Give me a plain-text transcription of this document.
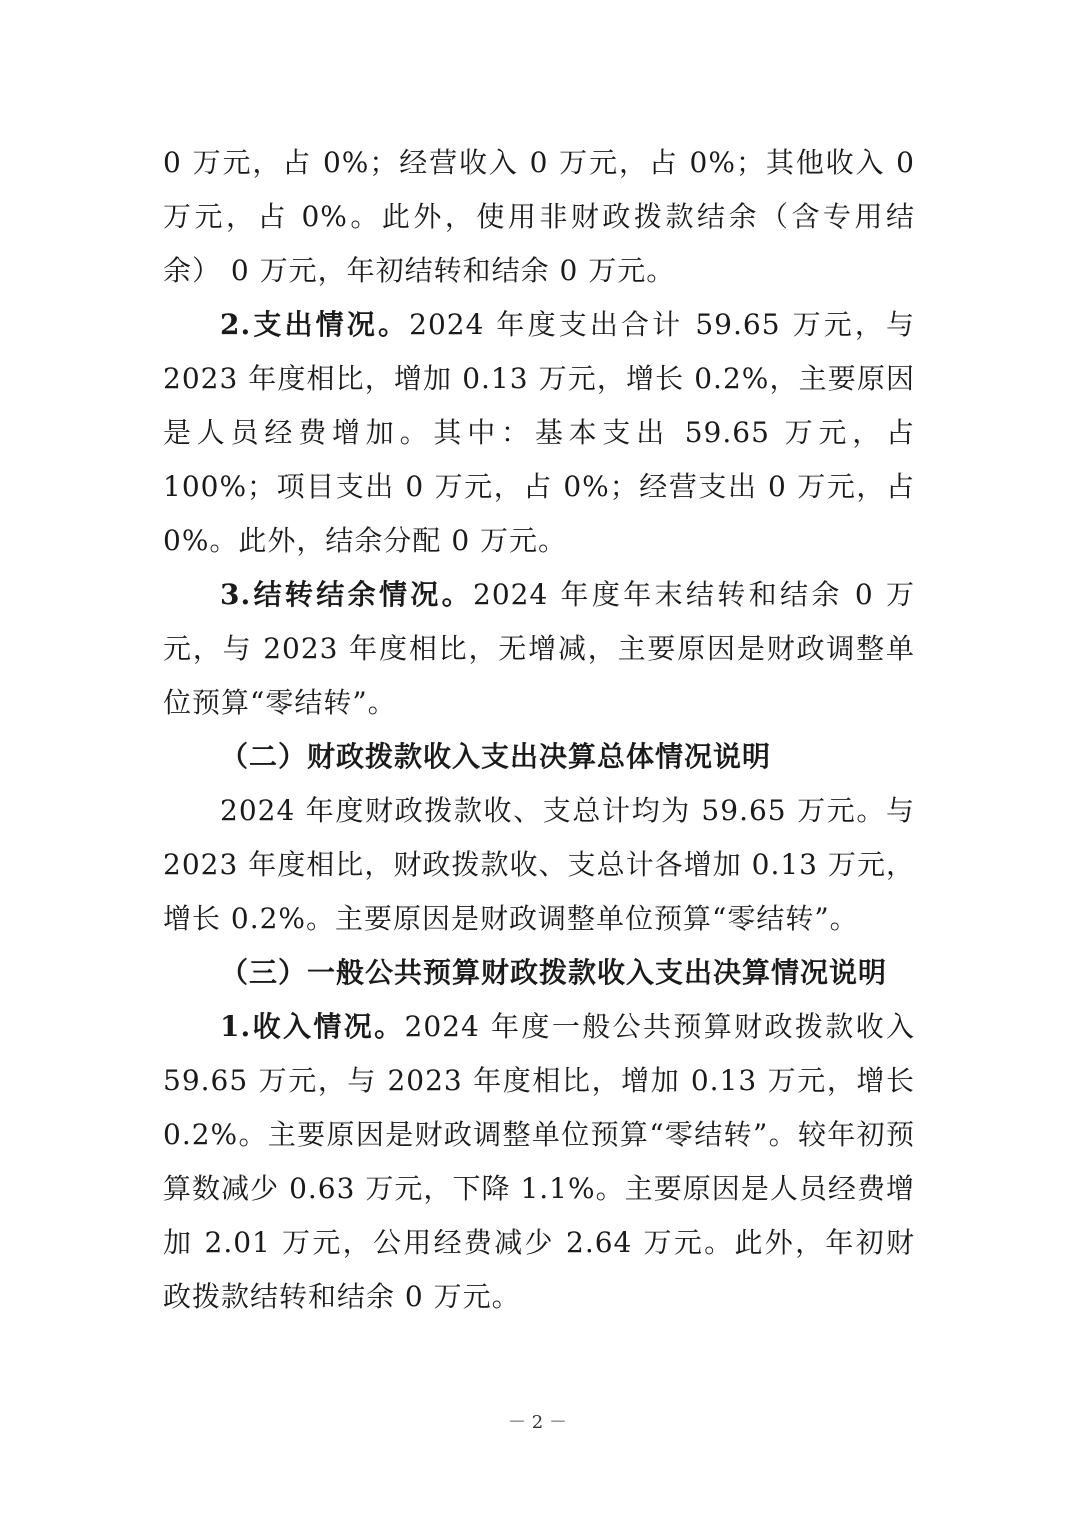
0 万元，占 0%；经营收入 0 万元，占 0%；其他收入 0 万元，占 0%。此外，使用非财政拨款结余（含专用结余） 0 万元，年初结转和结余 0 万元。

2.支出情况。2024 年度支出合计 59.65 万元，与 2023 年度相比，增加 0.13 万元，增长 0.2%，主要原因是人员经费增加。其中：基本支出 59.65 万元，占 100%；项目支出 0 万元，占 0%；经营支出 0 万元，占 0%。此外，结余分配 0 万元。

3.结转结余情况。2024 年度年末结转和结余 0 万元，与 2023 年度相比，无增减，主要原因是财政调整单位预算“零结转”。

（二）财政拨款收入支出决算总体情况说明

2024 年度财政拨款收、支总计均为 59.65 万元。与 2023 年度相比，财政拨款收、支总计各增加 0.13 万元，增长 0.2%。主要原因是财政调整单位预算“零结转”。

（三）一般公共预算财政拨款收入支出决算情况说明

1.收入情况。2024 年度一般公共预算财政拨款收入 59.65 万元，与 2023 年度相比，增加 0.13 万元，增长 0.2%。主要原因是财政调整单位预算“零结转”。较年初预算数减少 0.63 万元，下降 1.1%。主要原因是人员经费增加 2.01 万元，公用经费减少 2.64 万元。此外，年初财政拨款结转和结余 0 万元。

－ 2 －
